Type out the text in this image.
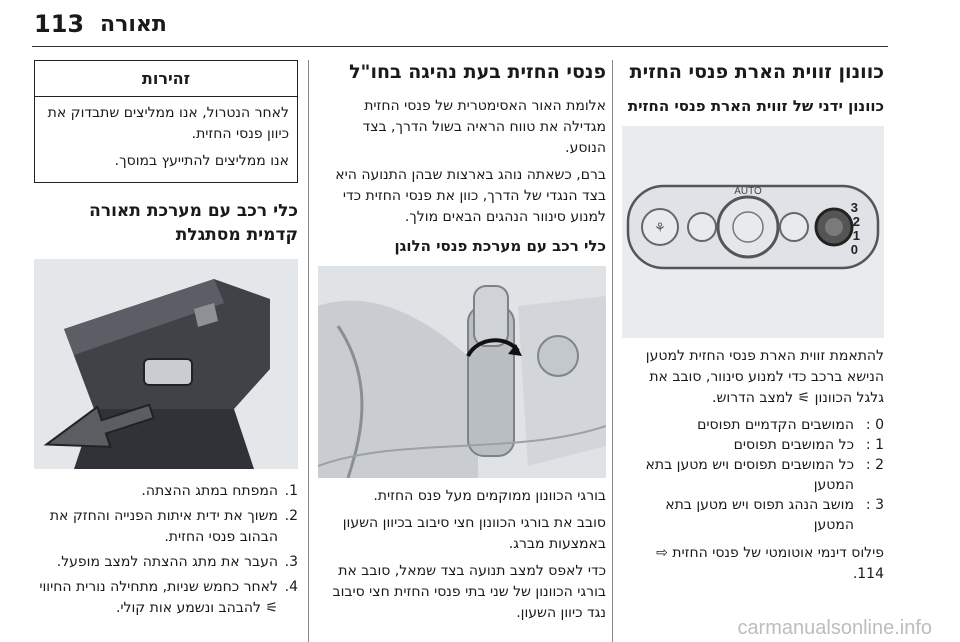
113 תאורה
כוונון זווית הארת פנסי החזית
כוונון ידני של זווית הארת פנסי החזית
⚘
AUTO
3
2
1
0

להתאמת זווית הארת פנסי החזית למטען הנישא ברכב כדי למנוע סינוור, סובב את גלגל הכוונון ⚟ למצב הדרוש.

0 :	המושבים הקדמיים תפוסים
1 :	כל המושבים תפוסים
2 :	כל המושבים תפוסים ויש מטען בתא המטען
3 :	מושב הנהג תפוס ויש מטען בתא המטען

פילוס דינמי אוטומטי של פנסי החזית ⇨ 114.

פנסי החזית בעת נהיגה בחו"ל

אלומת האור האסימטרית של פנסי החזית מגדילה את טווח הראיה בשול הדרך, בצד הנוסע.

ברם, כשאתה נוהג בארצות שבהן התנועה היא בצד הנגדי של הדרך, כוון את פנסי החזית כדי למנוע סינוור הנהגים הבאים מולך.

כלי רכב עם מערכת פנסי הלוגן

בורגי הכוונון ממוקמים מעל פנס החזית.

סובב את בורגי הכוונון חצי סיבוב בכיוון השעון באמצעות מברג.

כדי לאפס למצב תנועה בצד שמאל, סובב את בורגי הכוונון של שני בתי פנסי החזית חצי סיבוב נגד כיוון השעון.

זהירות

לאחר הנטרול, אנו ממליצים שתבדוק את כיוון פנסי החזית.

אנו ממליצים להתייעץ במוסך.

כלי רכב עם מערכת תאורה קדמית מסתגלת
1.
המפתח במתג ההצתה.
2.
משוך את ידית איתות הפנייה והחזק את הבהוב פנסי החזית.
3.
העבר את מתג ההצתה למצב מופעל.
4.
לאחר כחמש שניות, מתחילה נורית החיווי ⚟ להבהב ונשמע אות קולי.
carmanualsonline.info
